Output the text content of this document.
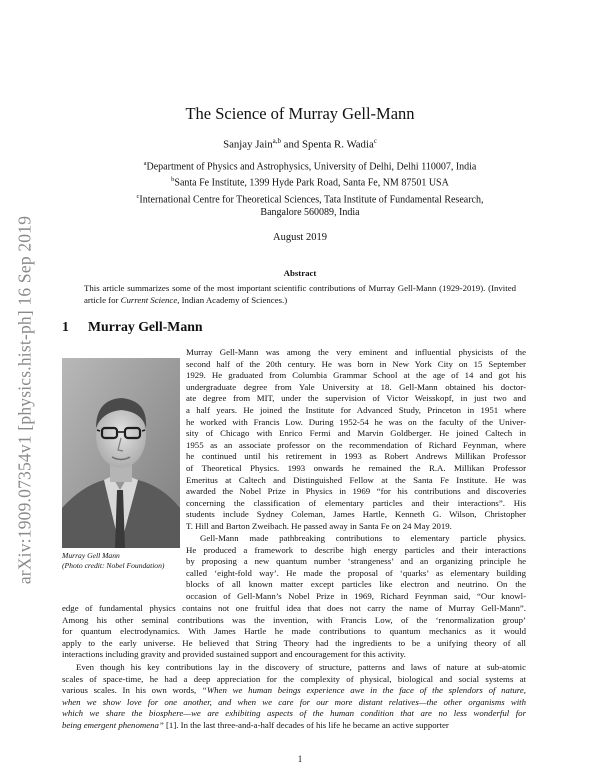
arXiv:1909.07354v1 [physics.hist-ph] 16 Sep 2019
The Science of Murray Gell-Mann
Sanjay Jain$^{a,b}$ and Spenta R. Wadia$^c$
$^a$Department of Physics and Astrophysics, University of Delhi, Delhi 110007, India
$^b$Santa Fe Institute, 1399 Hyde Park Road, Santa Fe, NM 87501 USA
$^c$International Centre for Theoretical Sciences, Tata Institute of Fundamental Research,
Bangalore 560089, India
August 2019
Abstract
This article summarizes some of the most important scientific contributions of Murray Gell-Mann (1929-2019). (Invited article for Current Science, Indian Academy of Sciences.)
1 Murray Gell-Mann
Murray Gell Mann
(Photo credit: Nobel Foundation)
Murray Gell-Mann was among the very eminent and influential physicists of the
second half of the 20th century. He was born in New York City on 15 September
1929. He graduated from Columbia Grammar School at the age of 14 and got his
undergraduate degree from Yale University at 18. Gell-Mann obtained his doctor-
ate degree from MIT, under the supervision of Victor Weisskopf, in just two and
a half years. He joined the Institute for Advanced Study, Princeton in 1951 where
he worked with Francis Low. During 1952-54 he was on the faculty of the Univer-
sity of Chicago with Enrico Fermi and Marvin Goldberger. He joined Caltech in
1955 as an associate professor on the recommendation of Richard Feynman, where
he continued until his retirement in 1993 as Robert Andrews Millikan Professor
of Theoretical Physics. 1993 onwards he remained the R.A. Millikan Professor
Emeritus at Caltech and Distinguished Fellow at the Santa Fe Institute. He was
awarded the Nobel Prize in Physics in 1969 “for his contributions and discoveries
concerning the classification of elementary particles and their interactions”. His
students include Sydney Coleman, James Hartle, Kenneth G. Wilson, Christopher
T. Hill and Barton Zweibach. He passed away in Santa Fe on 24 May 2019.
Gell-Mann made pathbreaking contributions to elementary particle physics.
He produced a framework to describe high energy particles and their interactions
by proposing a new quantum number ‘strangeness’ and an organizing principle he
called ‘eight-fold way’. He made the proposal of ‘quarks’ as elementary building
blocks of all known matter except particles like electron and neutrino. On the
occasion of Gell-Mann’s Nobel Prize in 1969, Richard Feynman said, “Our knowl-
edge of fundamental physics contains not one fruitful idea that does not carry the name of Murray Gell-Mann”.
Among his other seminal contributions was the invention, with Francis Low, of the ‘renormalization group’
for quantum electrodynamics. With James Hartle he made contributions to quantum mechanics as it would
apply to the early universe. He believed that String Theory had the ingredients to be a unifying theory of all
interactions including gravity and provided sustained support and encouragement for this activity.
Even though his key contributions lay in the discovery of structure, patterns and laws of nature at sub-atomic
scales of space-time, he had a deep appreciation for the complexity of physical, biological and social systems at
various scales. In his own words, “When we human beings experience awe in the face of the splendors of nature,
when we show love for one another, and when we care for our more distant relatives—the other organisms with
which we share the biosphere—we are exhibiting aspects of the human condition that are no less wonderful for
being emergent phenomena” [1]. In the last three-and-a-half decades of his life he became an active supporter
1
